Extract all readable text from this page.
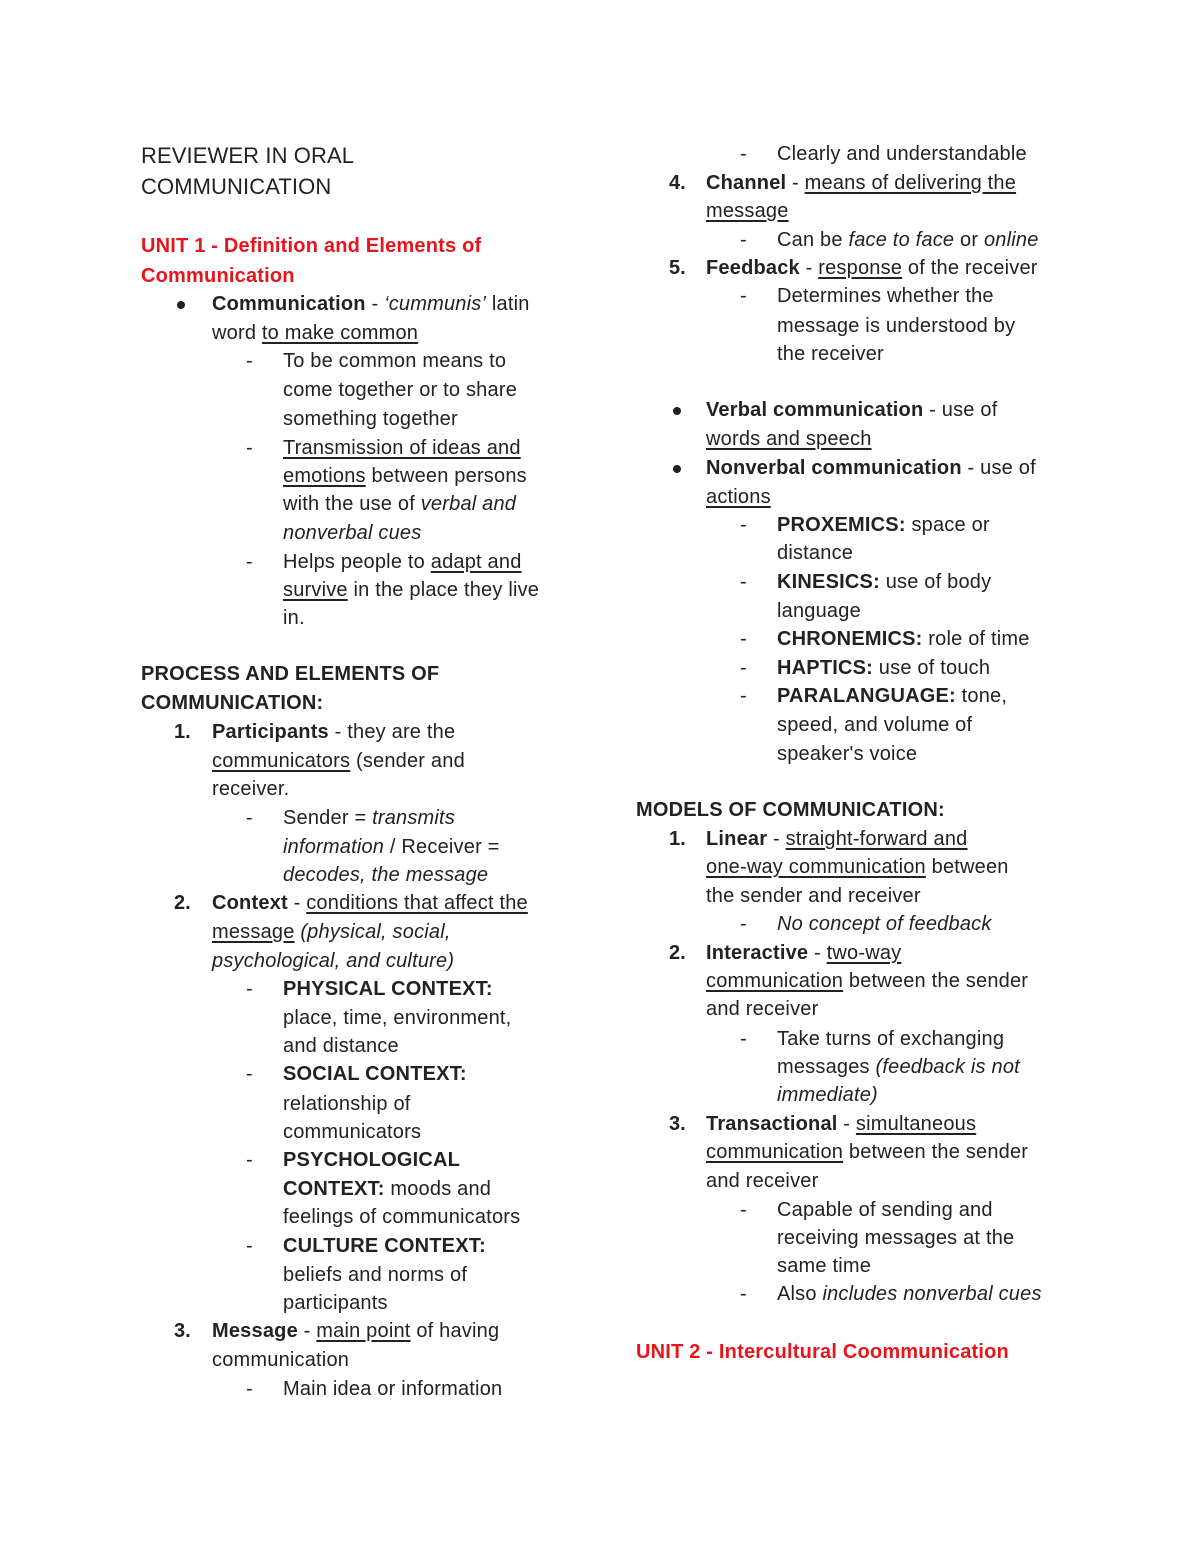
REVIEWER IN ORAL
COMMUNICATION
UNIT 1 - Definition and Elements of
Communication
Communication - ‘cummunis’ latin
word to make common
- To be common means to
come together or to share
something together
- Transmission of ideas and
emotions between persons
with the use of verbal and
nonverbal cues
- Helps people to adapt and
survive in the place they live
in.
PROCESS AND ELEMENTS OF
COMMUNICATION:
1. Participants - they are the
communicators (sender and
receiver.
- Sender = transmits
information / Receiver =
decodes, the message
2. Context - conditions that affect the
message (physical, social,
psychological, and culture)
- PHYSICAL CONTEXT:
place, time, environment,
and distance
- SOCIAL CONTEXT:
relationship of
communicators
- PSYCHOLOGICAL
CONTEXT: moods and
feelings of communicators
- CULTURE CONTEXT:
beliefs and norms of
participants
3. Message - main point of having
communication
- Main idea or information
- Clearly and understandable
4. Channel - means of delivering the
message
- Can be face to face or online
5. Feedback - response of the receiver
- Determines whether the
message is understood by
the receiver
Verbal communication - use of
words and speech
Nonverbal communication - use of
actions
- PROXEMICS: space or
distance
- KINESICS: use of body
language
- CHRONEMICS: role of time
- HAPTICS: use of touch
- PARALANGUAGE: tone,
speed, and volume of
speaker's voice
MODELS OF COMMUNICATION:
1. Linear - straight-forward and
one-way communication between
the sender and receiver
- No concept of feedback
2. Interactive - two-way
communication between the sender
and receiver
- Take turns of exchanging
messages (feedback is not
immediate)
3. Transactional - simultaneous
communication between the sender
and receiver
- Capable of sending and
receiving messages at the
same time
- Also includes nonverbal cues
UNIT 2 - Intercultural Coommunication
